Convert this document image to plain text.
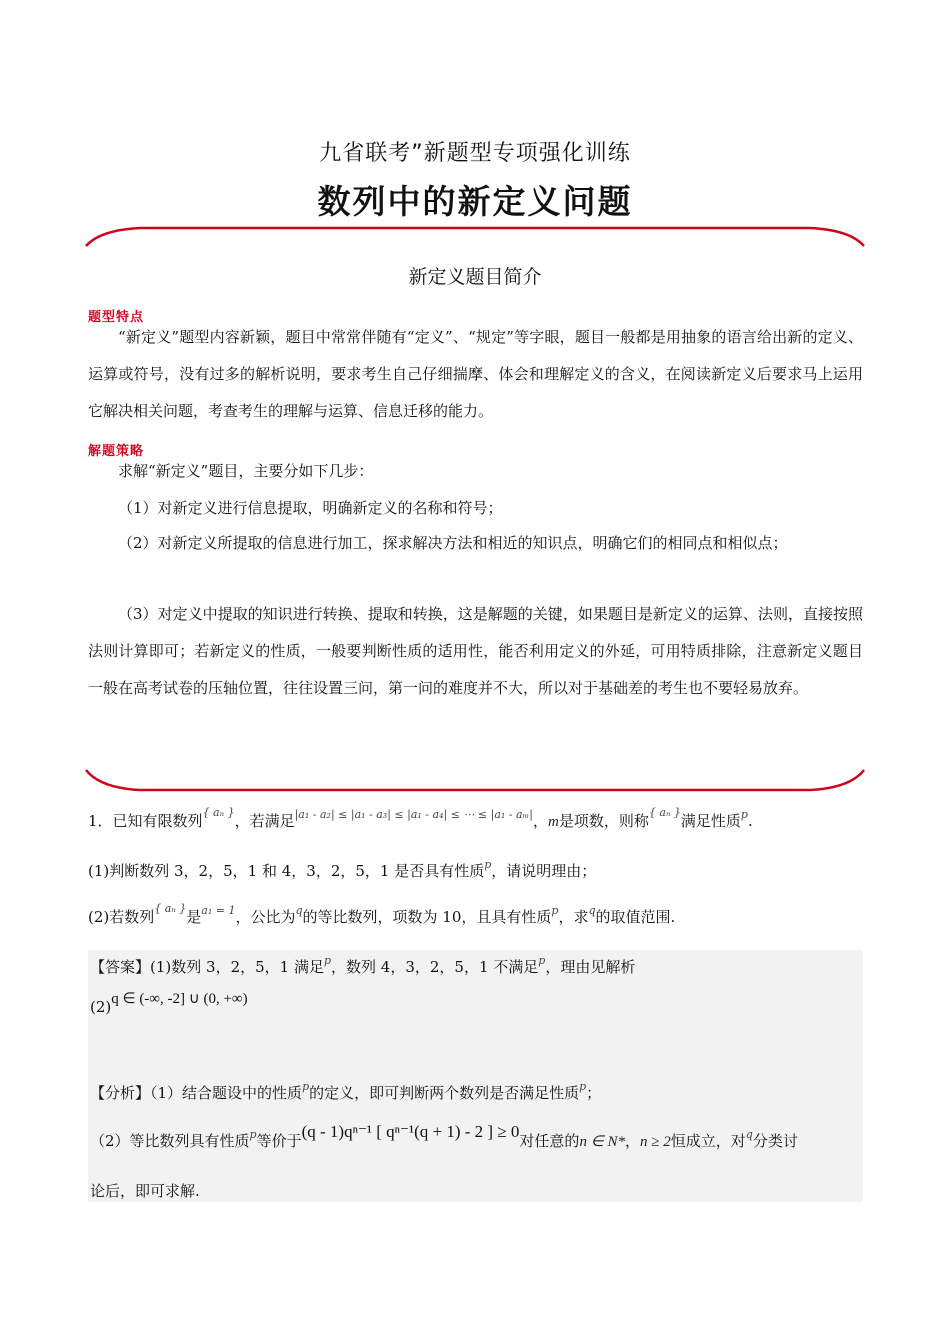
九省联考”新题型专项强化训练
数列中的新定义问题
新定义题目简介
题型特点
“新定义”题型内容新颖，题目中常常伴随有“定义”、“规定”等字眼，题目一般都是用抽象的语言给出新的定义、运算或符号，没有过多的解析说明，要求考生自己仔细揣摩、体会和理解定义的含义，在阅读新定义后要求马上运用它解决相关问题，考查考生的理解与运算、信息迁移的能力。
解题策略
求解“新定义”题目，主要分如下几步：
（1）对新定义进行信息提取，明确新定义的名称和符号；
（2）对新定义所提取的信息进行加工，探求解决方法和相近的知识点，明确它们的相同点和相似点；
（3）对定义中提取的知识进行转换、提取和转换，这是解题的关键，如果题目是新定义的运算、法则，直接按照法则计算即可；若新定义的性质，一般要判断性质的适用性，能否利用定义的外延，可用特质排除，注意新定义题目一般在高考试卷的压轴位置，往往设置三问，第一问的难度并不大，所以对于基础差的考生也不要轻易放弃。
1．已知有限数列$^{\{ a_n \}}$，若满足$^{|a_1 - a_2| \le |a_1 - a_3| \le |a_1 - a_4| \le \cdots \le |a_1 - a_m|}$，m是项数，则称$^{\{ a_n \}}$满足性质$^p$.
(1)判断数列 3，2，5，1 和 4，3，2，5，1 是否具有性质$^p$，请说明理由；
(2)若数列$^{\{ a_n \}}$是$^{a_1 = 1}$，公比为$^q$的等比数列，项数为 10，且具有性质$^p$，求$^q$的取值范围.
【答案】(1)数列 3，2，5，1 满足$^p$，数列 4，3，2，5，1 不满足$^p$，理由见解析
(2)q ∈ (-∞, -2] ∪ (0, +∞)
【分析】（1）结合题设中的性质$^p$的定义，即可判断两个数列是否满足性质$^p$；
（2）等比数列具有性质$^p$等价于(q - 1)qⁿ⁻¹ [ qⁿ⁻¹(q + 1) - 2 ] ≥ 0对任意的n ∈ N*，n ≥ 2恒成立，对$^q$分类讨
论后，即可求解.
